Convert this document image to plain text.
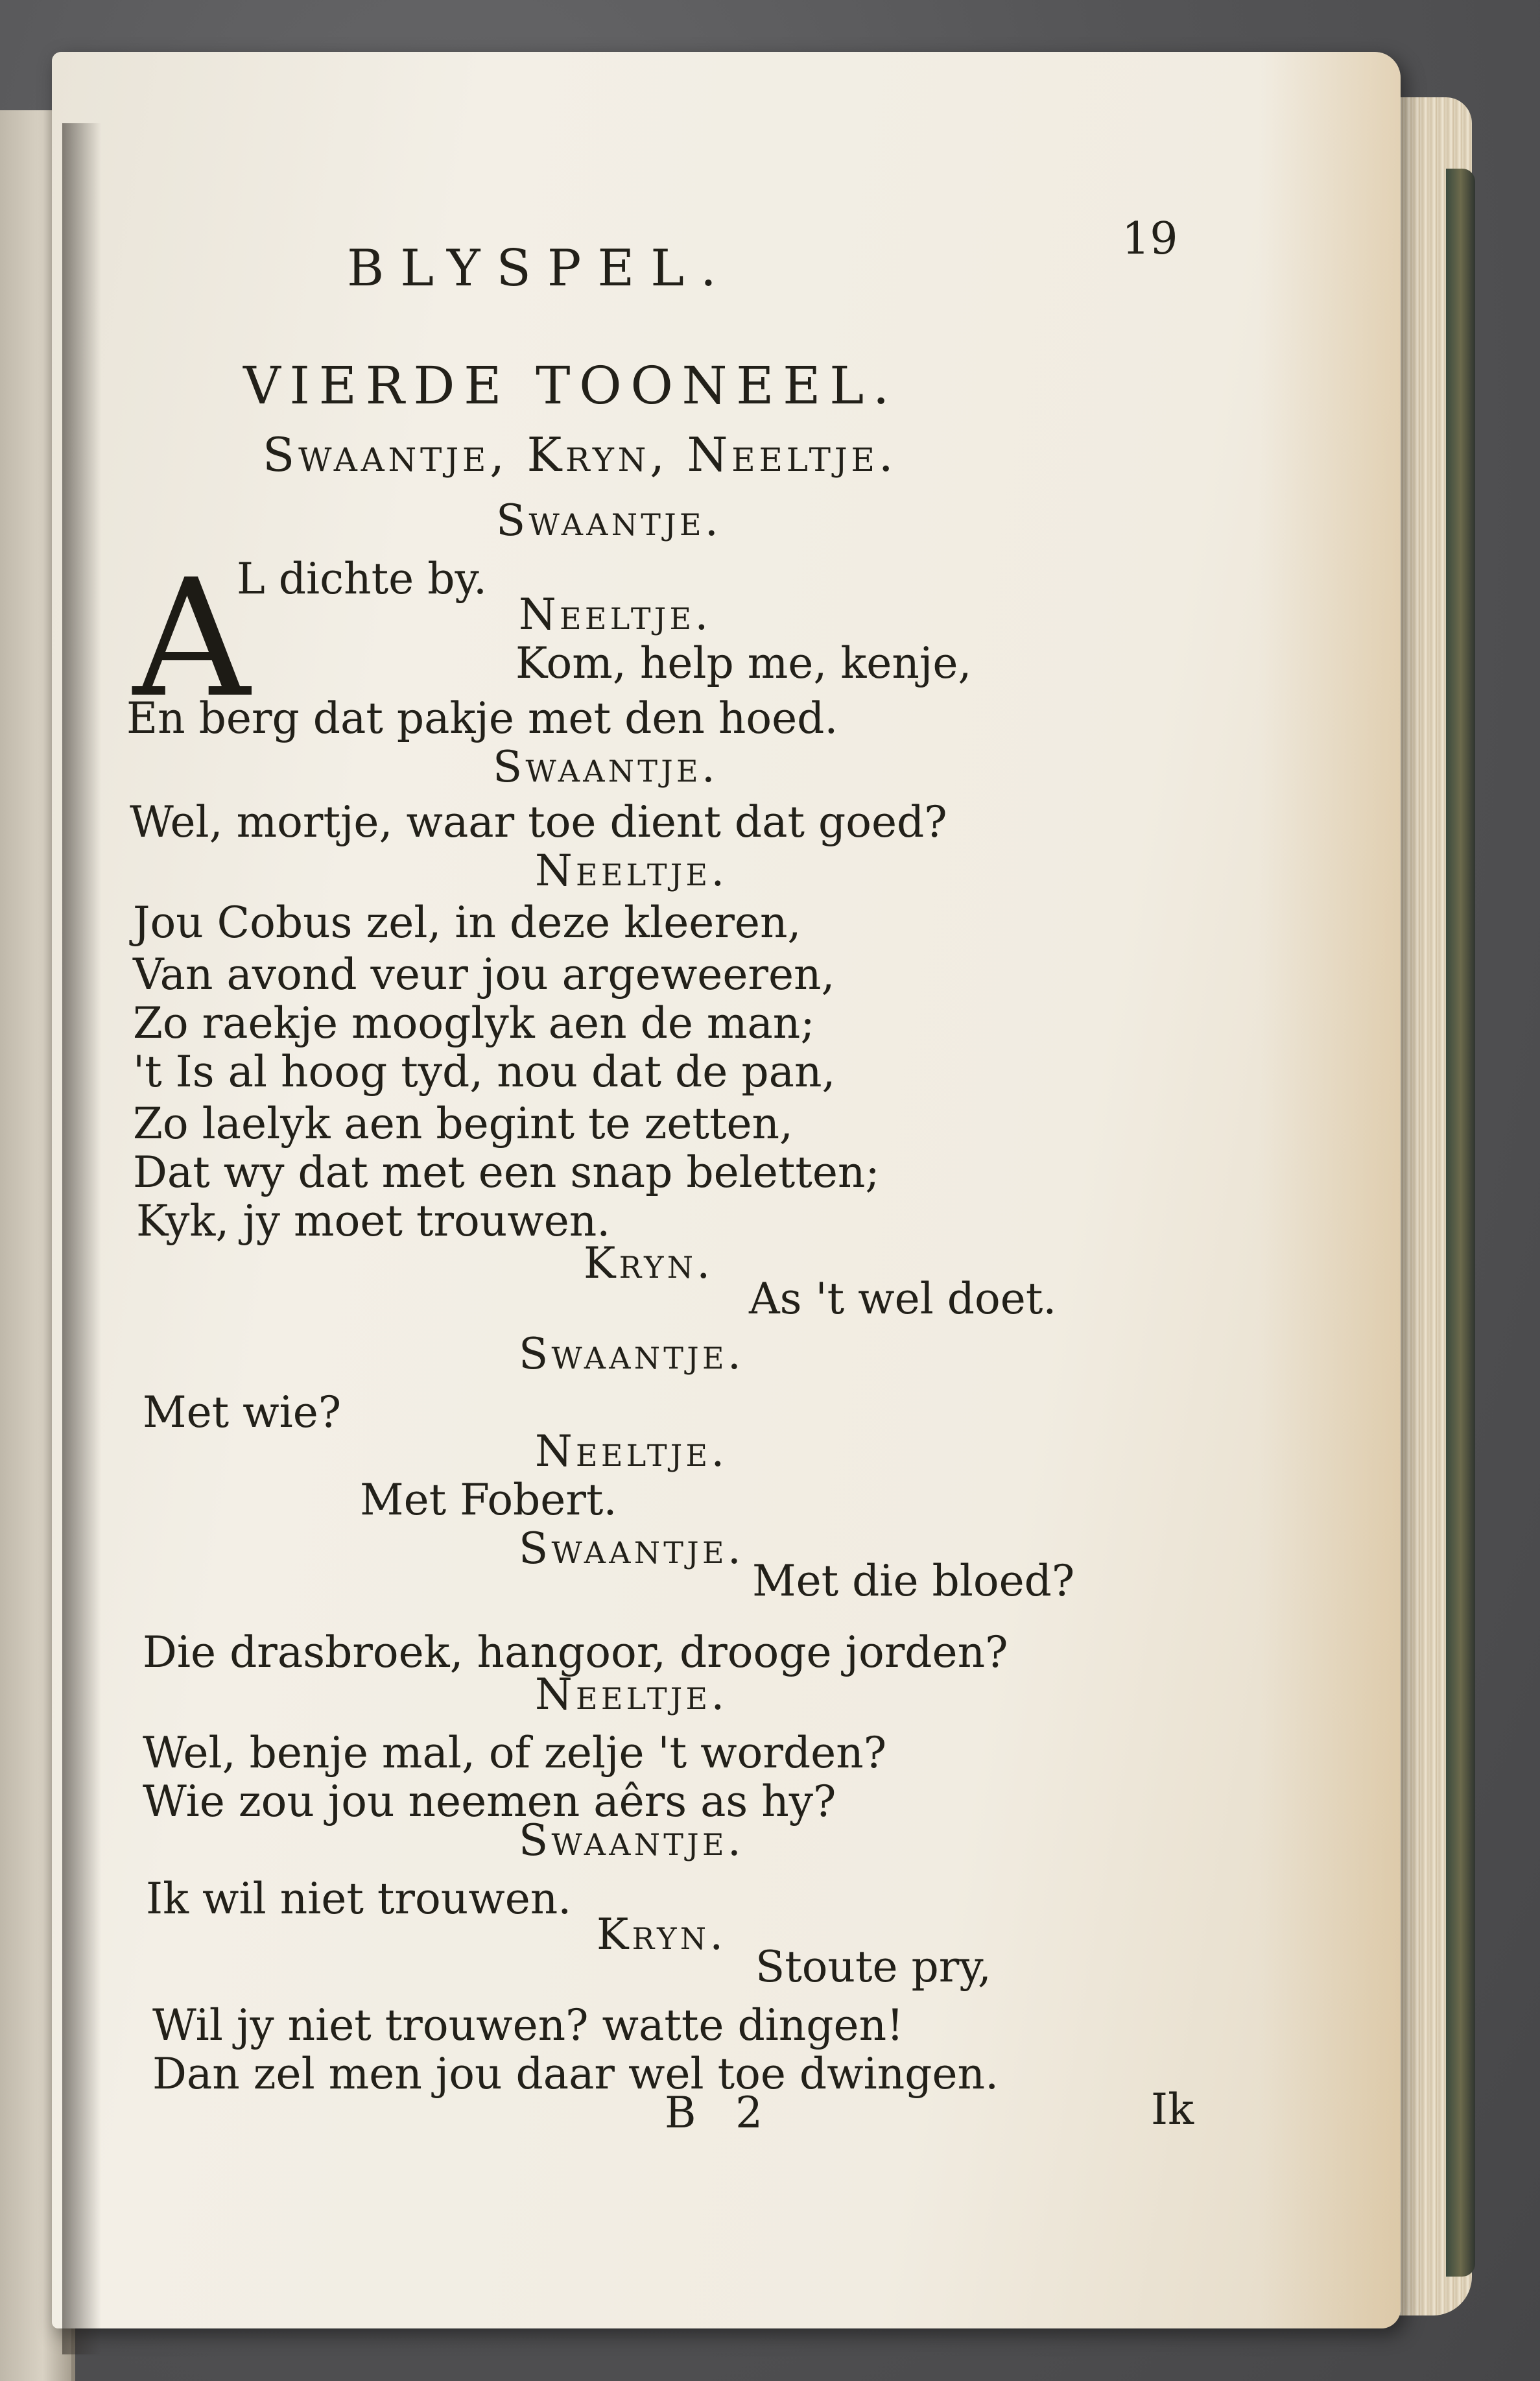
BLYSPEL.
19
VIERDE TOONEEL.
Swaantje, Kryn, Neeltje.
Swaantje.
A
L dichte by.
Neeltje.
Kom, help me, kenje,
En berg dat pakje met den hoed.
Swaantje.
Wel, mortje, waar toe dient dat goed?
Neeltje.
Jou Cobus zel, in deze kleeren,
Van avond veur jou argeweeren,
Zo raekje mooglyk aen de man;
't Is al hoog tyd, nou dat de pan,
Zo laelyk aen begint te zetten,
Dat wy dat met een snap beletten;
Kyk, jy moet trouwen.
Kryn.
As 't wel doet.
Swaantje.
Met wie?
Neeltje.
Met Fobert.
Swaantje.
Met die bloed?
Die drasbroek, hangoor, drooge jorden?
Neeltje.
Wel, benje mal, of zelje 't worden?
Wie zou jou neemen aêrs as hy?
Swaantje.
Ik wil niet trouwen.
Kryn.
Stoute pry,
Wil jy niet trouwen? watte dingen!
Dan zel men jou daar wel toe dwingen.
B 2	Ik
